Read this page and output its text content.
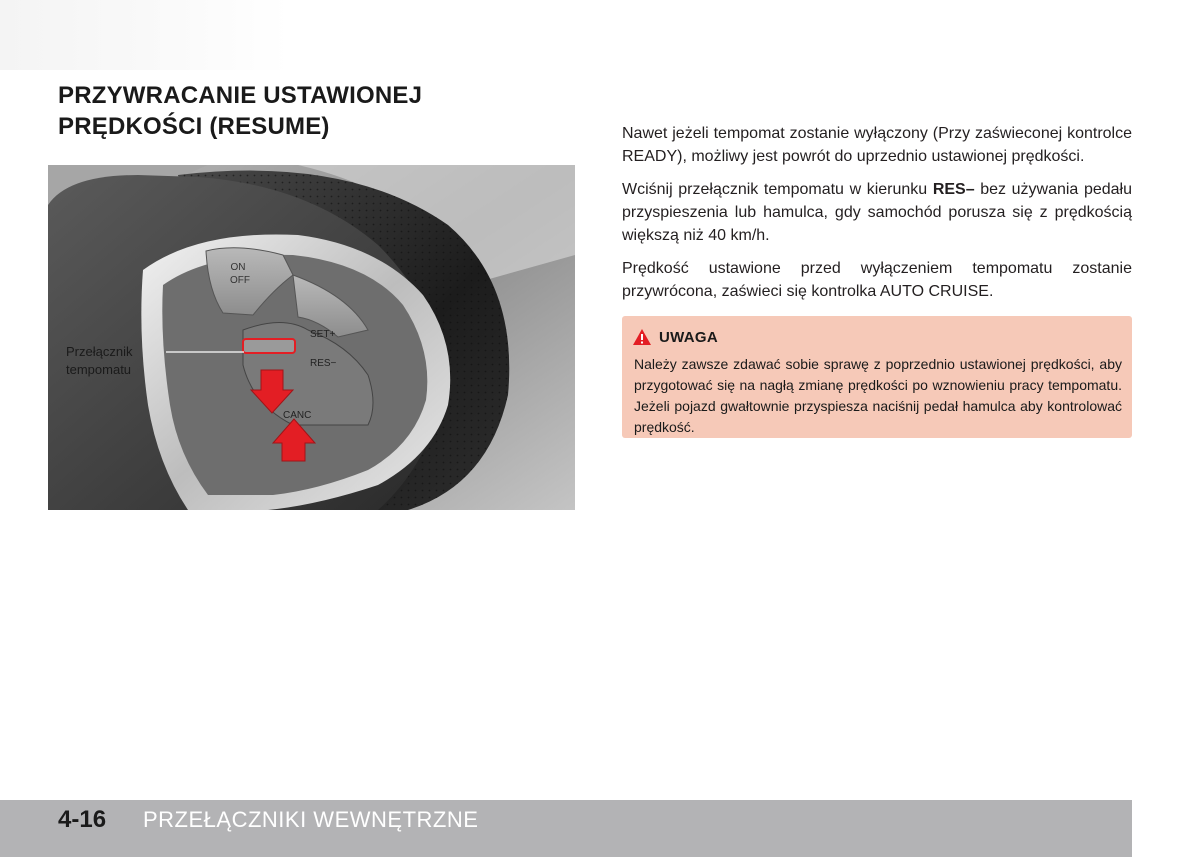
PRZYWRACANIE USTAWIONEJ
PRĘDKOŚCI (RESUME)
ON
OFF
SET+
RES−
CANC
Przełącznik
tempomatu

Nawet jeżeli tempomat zostanie wyłączony (Przy zaświeconej kontrolce READY), możliwy jest powrót do uprzednio ustawionej prędkości.

Wciśnij przełącznik tempomatu w kierunku RES– bez używania pedału przyspieszenia lub hamulca, gdy samochód porusza się z prędkością większą niż 40 km/h.

Prędkość ustawione przed wyłączeniem tempomatu zostanie przywrócona, zaświeci się kontrolka AUTO CRUISE.

UWAGA
Należy zawsze zdawać sobie sprawę z poprzednio ustawionej prędkości, aby przygotować się na nagłą zmianę prędkości po wznowieniu pracy tempomatu. Jeżeli pojazd gwałtownie przyspiesza naciśnij pedał hamulca aby kontrolować prędkość.
4-16 PRZEŁĄCZNIKI WEWNĘTRZNE
